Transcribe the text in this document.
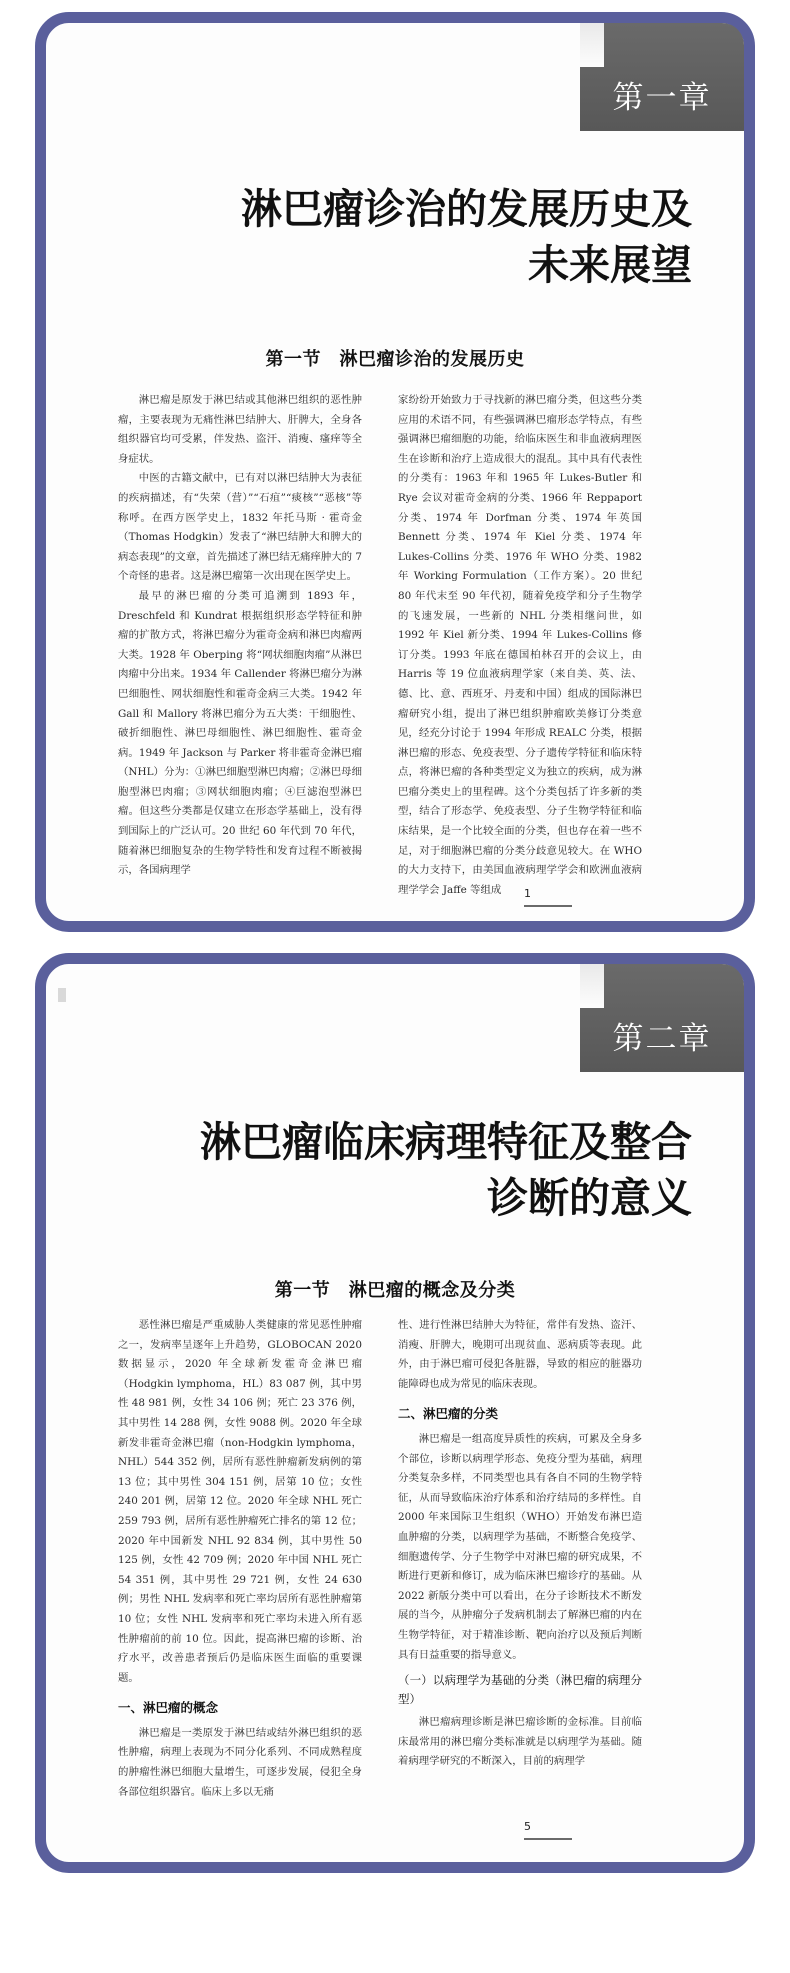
第一章
淋巴瘤诊治的发展历史及
未来展望
第一节　淋巴瘤诊治的发展历史

淋巴瘤是原发于淋巴结或其他淋巴组织的恶性肿瘤，主要表现为无痛性淋巴结肿大、肝脾大，全身各组织器官均可受累，伴发热、盗汗、消瘦、瘙痒等全身症状。

中医的古籍文献中，已有对以淋巴结肿大为表征的疾病描述，有“失荣（营）”“石疽”“痰核”“恶核”等称呼。在西方医学史上，1832 年托马斯 · 霍奇金（Thomas Hodgkin）发表了“淋巴结肿大和脾大的病态表现”的文章，首先描述了淋巴结无痛痒肿大的 7 个奇怪的患者。这是淋巴瘤第一次出现在医学史上。

最早的淋巴瘤的分类可追溯到 1893 年，Dreschfeld 和 Kundrat 根据组织形态学特征和肿瘤的扩散方式，将淋巴瘤分为霍奇金病和淋巴肉瘤两大类。1928 年 Oberping 将“网状细胞肉瘤”从淋巴肉瘤中分出来。1934 年 Callender 将淋巴瘤分为淋巴细胞性、网状细胞性和霍奇金病三大类。1942 年 Gall 和 Mallory 将淋巴瘤分为五大类：干细胞性、破折细胞性、淋巴母细胞性、淋巴细胞性、霍奇金病。1949 年 Jackson 与 Parker 将非霍奇金淋巴瘤（NHL）分为：①淋巴细胞型淋巴肉瘤；②淋巴母细胞型淋巴肉瘤；③网状细胞肉瘤；④巨滤泡型淋巴瘤。但这些分类都是仅建立在形态学基础上，没有得到国际上的广泛认可。20 世纪 60 年代到 70 年代，随着淋巴细胞复杂的生物学特性和发育过程不断被揭示，各国病理学

家纷纷开始致力于寻找新的淋巴瘤分类，但这些分类应用的术语不同，有些强调淋巴瘤形态学特点，有些强调淋巴瘤细胞的功能，给临床医生和非血液病理医生在诊断和治疗上造成很大的混乱。其中具有代表性的分类有：1963 年和 1965 年 Lukes-Butler 和 Rye 会议对霍奇金病的分类、1966 年 Reppaport 分类、1974 年 Dorfman 分类、1974 年英国 Bennett 分类、1974 年 Kiel 分类、1974 年 Lukes-Collins 分类、1976 年 WHO 分类、1982 年 Working Formulation（工作方案）。20 世纪 80 年代末至 90 年代初，随着免疫学和分子生物学的飞速发展，一些新的 NHL 分类相继问世，如 1992 年 Kiel 新分类、1994 年 Lukes-Collins 修订分类。1993 年底在德国柏林召开的会议上，由 Harris 等 19 位血液病理学家（来自美、英、法、德、比、意、西班牙、丹麦和中国）组成的国际淋巴瘤研究小组，提出了淋巴组织肿瘤欧美修订分类意见，经充分讨论于 1994 年形成 REALC 分类，根据淋巴瘤的形态、免疫表型、分子遗传学特征和临床特点，将淋巴瘤的各种类型定义为独立的疾病，成为淋巴瘤分类史上的里程碑。这个分类包括了许多新的类型，结合了形态学、免疫表型、分子生物学特征和临床结果，是一个比较全面的分类，但也存在着一些不足，对于细胞淋巴瘤的分类分歧意见较大。在 WHO 的大力支持下，由美国血液病理学学会和欧洲血液病理学学会 Jaffe 等组成	1
第二章
淋巴瘤临床病理特征及整合
诊断的意义
第一节　淋巴瘤的概念及分类

恶性淋巴瘤是严重威胁人类健康的常见恶性肿瘤之一，发病率呈逐年上升趋势，GLOBOCAN 2020 数据显示，2020 年全球新发霍奇金淋巴瘤（Hodgkin lymphoma，HL）83 087 例，其中男性 48 981 例，女性 34 106 例；死亡 23 376 例，其中男性 14 288 例，女性 9088 例。2020 年全球新发非霍奇金淋巴瘤（non-Hodgkin lymphoma，NHL）544 352 例，居所有恶性肿瘤新发病例的第 13 位；其中男性 304 151 例，居第 10 位；女性 240 201 例，居第 12 位。2020 年全球 NHL 死亡 259 793 例，居所有恶性肿瘤死亡排名的第 12 位；2020 年中国新发 NHL 92 834 例，其中男性 50 125 例，女性 42 709 例；2020 年中国 NHL 死亡 54 351 例，其中男性 29 721 例，女性 24 630 例；男性 NHL 发病率和死亡率均居所有恶性肿瘤第 10 位；女性 NHL 发病率和死亡率均未进入所有恶性肿瘤前的前 10 位。因此，提高淋巴瘤的诊断、治疗水平，改善患者预后仍是临床医生面临的重要课题。

一、淋巴瘤的概念

淋巴瘤是一类原发于淋巴结或结外淋巴组织的恶性肿瘤，病理上表现为不同分化系列、不同成熟程度的肿瘤性淋巴细胞大量增生，可逐步发展，侵犯全身各部位组织器官。临床上多以无痛

性、进行性淋巴结肿大为特征，常伴有发热、盗汗、消瘦、肝脾大，晚期可出现贫血、恶病质等表现。此外，由于淋巴瘤可侵犯各脏器，导致的相应的脏器功能障碍也成为常见的临床表现。

二、淋巴瘤的分类

淋巴瘤是一组高度异质性的疾病，可累及全身多个部位，诊断以病理学形态、免疫分型为基础，病理分类复杂多样，不同类型也具有各自不同的生物学特征，从而导致临床治疗体系和治疗结局的多样性。自 2000 年来国际卫生组织（WHO）开始发布淋巴造血肿瘤的分类，以病理学为基础，不断整合免疫学、细胞遗传学、分子生物学中对淋巴瘤的研究成果，不断进行更新和修订，成为临床淋巴瘤诊疗的基础。从 2022 新版分类中可以看出，在分子诊断技术不断发展的当今，从肿瘤分子发病机制去了解淋巴瘤的内在生物学特征，对于精准诊断、靶向治疗以及预后判断具有日益重要的指导意义。

（一）以病理学为基础的分类（淋巴瘤的病理分型）

淋巴瘤病理诊断是淋巴瘤诊断的金标准。目前临床最常用的淋巴瘤分类标准就是以病理学为基础。随着病理学研究的不断深入，目前的病理学

5
